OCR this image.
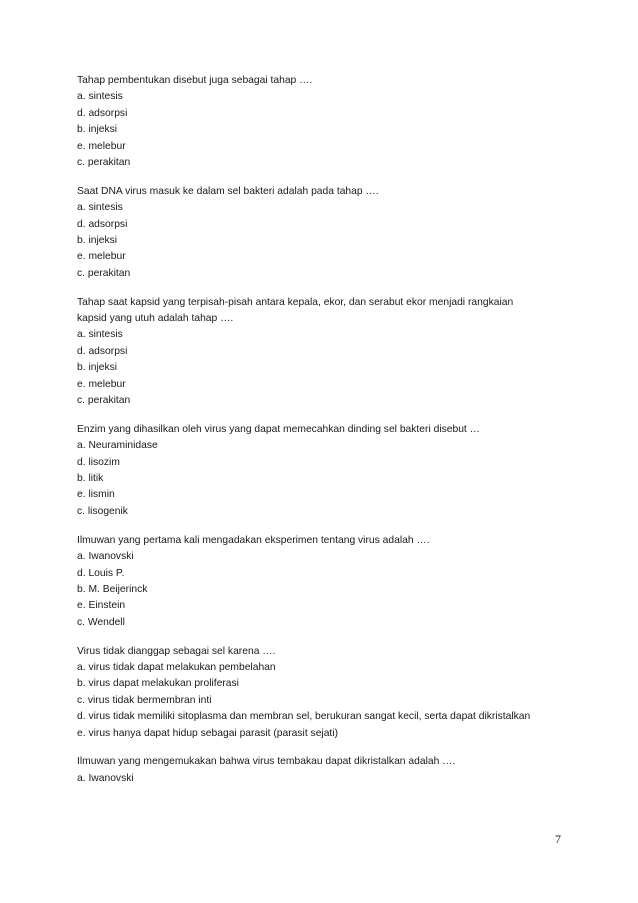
Tahap pembentukan disebut juga sebagai tahap ….
a. sintesis
d. adsorpsi
b. injeksi
e. melebur
c. perakitan
Saat DNA virus masuk ke dalam sel bakteri adalah pada tahap ….
a. sintesis
d. adsorpsi
b. injeksi
e. melebur
c. perakitan
Tahap saat kapsid yang terpisah-pisah antara kepala, ekor, dan serabut ekor menjadi rangkaian
kapsid yang utuh adalah tahap ….
a. sintesis
d. adsorpsi
b. injeksi
e. melebur
c. perakitan
Enzim yang dihasilkan oleh virus yang dapat memecahkan dinding sel bakteri disebut …
a. Neuraminidase
d. lisozim
b. litik
e. lismin
c. lisogenik
Ilmuwan yang pertama kali mengadakan eksperimen tentang virus adalah ….
a. Iwanovski
d. Louis P.
b. M. Beijerinck
e. Einstein
c. Wendell
Virus tidak dianggap sebagai sel karena ….
a. virus tidak dapat melakukan pembelahan
b. virus dapat melakukan proliferasi
c. virus tidak bermembran inti
d. virus tidak memiliki sitoplasma dan membran sel, berukuran sangat kecil, serta dapat dikristalkan
e. virus hanya dapat hidup sebagai parasit (parasit sejati)
Ilmuwan yang mengemukakan bahwa virus tembakau dapat dikristalkan adalah ….
a. Iwanovski
7
